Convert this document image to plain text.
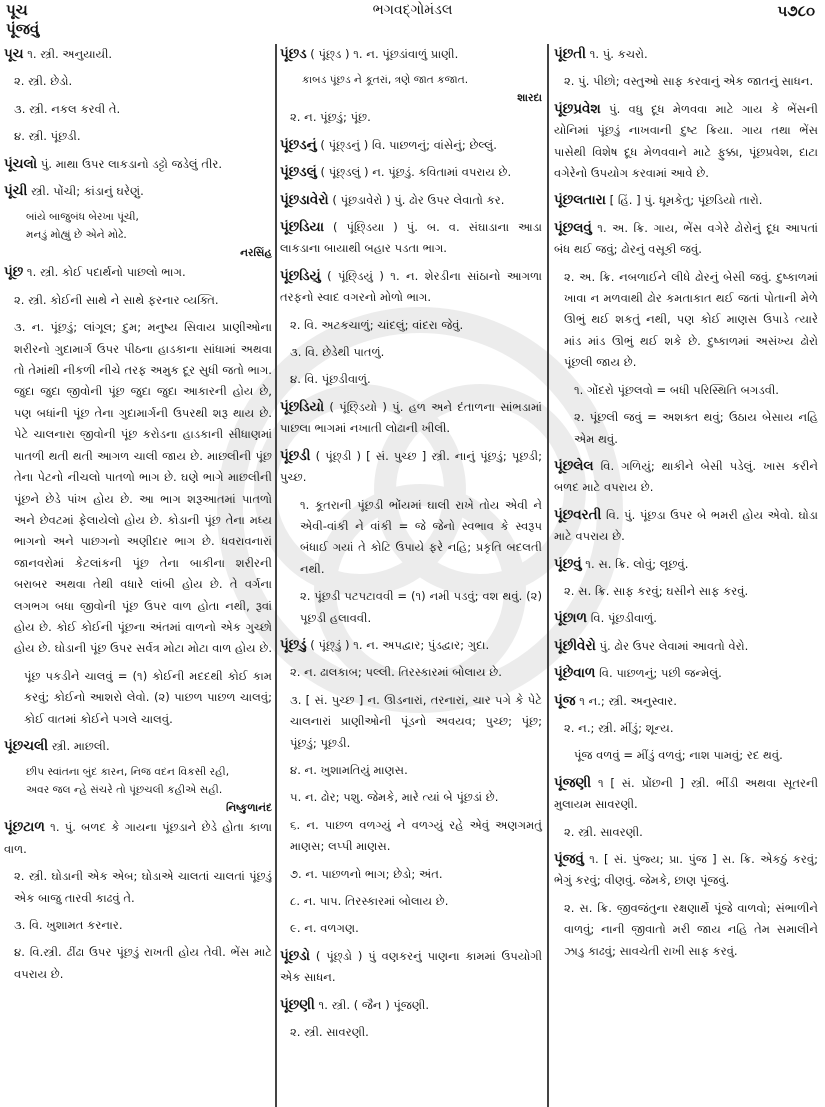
પૂચ
પૂંજવું
ભગવદ્ગોમંડલ	૫૭૮૦
પૂચ ૧. સ્ત્રી. અનુયાયી.
૨. સ્ત્રી. છેડો.
૩. સ્ત્રી. નકલ કરવી તે.
૪. સ્ત્રી. પૂંછડી.
પૂંચલો પું. માથા ઉપર લાકડાનો ડટ્ટો જડેલું તીર.
પૂંચી સ્ત્રી. પોંચી; કાંડાનું ઘરેણું.
બાંયે બાજુબંધ બેરખા પૂંચી,
મનડું મોહ્યું છે એને મોઢે.
નરસિંહ
પૂંછ ૧. સ્ત્રી. કોઈ પદાર્થનો પાછલો ભાગ.
૨. સ્ત્રી. કોઈની સાથે ને સાથે ફરનાર વ્યક્તિ.
૩. ન. પૂંછડું; લાંગૂલ; દુમ; મનુષ્ય સિવાય પ્રાણીઓના શરીરનો ગુદામાર્ગ ઉપર પીઠના હાડકાના સાંધામાં અથવા તો તેમાંથી નીકળી નીચે તરફ અમુક દૂર સુધી જતો ભાગ. જુદા જુદા જીવોની પૂંછ જુદા જુદા આકારની હોય છે, પણ બધાંની પૂંછ તેના ગુદામાર્ગની ઉપરથી શરૂ થાય છે. પેટે ચાલનારા જીવોની પૂંછ કરોડના હાડકાની સીધાણમાં પાતળી થતી થતી આગળ ચાલી જાય છે. માછલીની પૂંછ તેના પેટનો નીચલો પાતળો ભાગ છે. ઘણે ભાગે માછલીની પૂંછને છેડે પાંખ હોય છે. આ ભાગ શરૂઆતમાં પાતળો અને છેવટમાં ફેલાયેલો હોય છે. કોડાની પૂંછ તેના મધ્ય ભાગનો અને પાછગનો અણીદાર ભાગ છે. ધવરાવનારાં જાનવરોમાં કેટલાંકની પૂંછ તેના બાકીના શરીરની બરાબર અથવા તેથી વધારે લાંબી હોય છે. તે વર્ગના લગભગ બધા જીવોની પૂંછ ઉપર વાળ હોતા નથી, રૂવાં હોય છે. કોઈ કોઈની પૂંછના અંતમાં વાળનો એક ગુચ્છો હોય છે. ઘોડાની પૂંછ ઉપર સર્વત્ર મોટા મોટા વાળ હોય છે.
પૂંછ પકડીને ચાલવું = (૧) કોઈની મદદથી કોઈ કામ કરવું; કોઈનો આશરો લેવો. (૨) પાછળ પાછળ ચાલવું; કોઈ વાતમાં કોઈને પગલે ચાલવું.
પૂંછચલી સ્ત્રી. માછલી.
છીપ સ્વાંતના બુંદ કારન, નિજ વદન વિકસી રહી,
અવર જલ ન્હે સંચરે તો પૂંછચલી કહીએ સહી.
નિષ્કુળાનંદ
પૂંછટાળ ૧. પું. બળદ કે ગાયના પૂંછડાને છેડે હોતા કાળા વાળ.
૨. સ્ત્રી. ઘોડાની એક એબ; ઘોડાએ ચાલતાં ચાલતાં પૂંછડું એક બાજુ તારવી કાઢવું તે.
૩. વિ. ખુશામત કરનાર.
૪. વિ.સ્ત્રી. ઢીંઢા ઉપર પૂંછડું રાખતી હોય તેવી. ભેંસ માટે વપરાય છે.
પૂંછડ ( પૂંછ્ડ ) ૧. ન. પૂંછડાંવાળું પ્રાણી.
કાબડ પૂંછડ ને કૂતરાં, ત્રણે જાત કજાત.
શારદા
૨. ન. પૂંછડું; પૂંછ.
પૂંછડનું ( પૂંછ્ડનું ) વિ. પાછળનું; વાંસેનું; છેલ્લું.
પૂંછડલું ( પૂંછ્ડલું ) ન. પૂંછડું. કવિતામાં વપરાય છે.
પૂંછડાવેરો ( પૂંછડાવેરો ) પું. ઢોર ઉપર લેવાતો કર.
પૂંછડિયા ( પૂંછ્ડિયા ) પું. બ. વ. સંઘાડાના આડા લાકડાના બાયાથી બહાર પડતા ભાગ.
પૂંછડિયું ( પૂંછ્ડિયું ) ૧. ન. શેરડીના સાંઠાનો આગળા તરફનો સ્વાદ વગરનો મોળો ભાગ.
૨. વિ. અટકચાળું; ચાંદલું; વાંદરા જેવું.
૩. વિ. છેડેથી પાતળું.
૪. વિ. પૂંછડીવાળું.
પૂંછડિયો ( પૂંછ્ડિયો ) પું. હળ અને દંતાળના સાંભડામાં પાછલા ભાગમાં નખાતી લોઢાની ખીલી.
પૂંછડી ( પૂંછ્ડી ) [ સં. પુચ્છ ] સ્ત્રી. નાનું પૂંછડું; પૂછડી; પુચ્છ.
૧. કૂતરાની પૂંછડી ભોંયમાં ઘાલી રાખે તોય એવી ને એવી-વાંકી ને વાંકી = જે જેનો સ્વભાવ કે સ્વરૂપ બંધાઈ ગયાં તે કોટિ ઉપાયે ફરે નહિ; પ્રકૃતિ બદલતી નથી.
૨. પૂંછડી પટપટાવવી = (૧) નમી પડવું; વશ થવું. (૨) પૂછડી હલાવવી.
પૂંછડું ( પૂંછ્ડું ) ૧. ન. અપદ્વાર; પુંડદ્વાર; ગુદા.
૨. ન. ઢાલકાબ; પલ્લી. તિરસ્કારમાં બોલાય છે.
૩. [ સં. પુચ્છ ] ન. ઊડનારાં, તરનારાં, ચાર પગે કે પેટે ચાલનારાં પ્રાણીઓની પૂંડનો અવયવ; પુચ્છ; પૂંછ; પૂંછડું; પૂછડી.
૪. ન. ખુશામતિયું માણસ.
૫. ન. ઢોર; પશુ. જેમકે, મારે ત્યાં બે પૂંછડાં છે.
૬. ન. પાછળ વળગ્યું ને વળગ્યું રહે એવું અણગમતું માણસ; લપ્પી માણસ.
૭. ન. પાછળનો ભાગ; છેડો; અંત.
૮. ન. પાપ. તિરસ્કારમાં બોલાય છે.
૯. ન. વળગણ.
પૂંછડો ( પૂંછ્ડો ) પું વણકરનું પાણના કામમાં ઉપયોગી એક સાધન.
પૂંછણી ૧. સ્ત્રી. ( જૈન ) પૂંજણી.
૨. સ્ત્રી. સાવરણી.
પૂંછતી ૧. પું. કચરો.
૨. પું. પીછો; વસ્તુઓ સાફ કરવાનું એક જાતનું સાધન.
પૂંછપ્રવેશ પું. વધુ દૂધ મેળવવા માટે ગાય કે ભેંસની યોનિમાં પૂંછડું નાખવાની દુષ્ટ ક્રિયા. ગાય તથા ભેંસ પાસેથી વિશેષ દૂધ મેળવવાને માટે ફુક્કા, પૂંછપ્રવેશ, દાટા વગેરેનો ઉપયોગ કરવામાં આવે છે.
પૂંછલતારા [ હિં. ] પું. ધૂમકેતુ; પૂંછડિયો તારો.
પૂંછલવું ૧. અ. ક્રિ. ગાય, ભેંસ વગેરે ઢોરોનું દૂધ આપતાં બંધ થઈ જવું; ઢોરનું વસૂકી જવું.
૨. અ. ક્રિ. નબળાઈને લીધે ઢોરનું બેસી જવું. દુષ્કાળમાં ખાવા ન મળવાથી ઢોર કમતાકાત થઈ જતાં પોતાની મેળે ઊભું થઈ શકતું નથી, પણ કોઈ માણસ ઉપાડે ત્યારે માંડ માંડ ઊભું થઈ શકે છે. દુષ્કાળમાં અસંખ્ય ઢોરો પૂંછલી જાય છે.
૧. ગોંદરો પૂંછલવો = બધી પરિસ્થિતિ બગડવી.
૨. પૂંછલી જવું = અશક્ત થવું; ઉઠાય બેસાય નહિ એમ થવું.
પૂંછલેલ વિ. ગળિયું; થાકીને બેસી પડેલું. ખાસ કરીને બળદ માટે વપરાય છે.
પૂંછવરતી વિ. પું. પૂંછડા ઉપર બે ભમરી હોય એવો. ઘોડા માટે વપરાય છે.
પૂંછવું ૧. સ. ક્રિ. લોવું; લૂછવું.
૨. સ. ક્રિ. સાફ કરવું; ઘસીને સાફ કરવું.
પૂંછાળ વિ. પૂંછડીવાળું.
પૂંછીવેરો પું. ઢોર ઉપર લેવામાં આવતો વેરો.
પૂંછેવાળ વિ. પાછળનું; પછી જન્મેલું.
પૂંજ ૧ ન.; સ્ત્રી. અનુસ્વાર.
૨. ન.; સ્ત્રી. મીંડું; શૂન્ય.
પૂંજ વળવું = મીંડું વળવું; નાશ પામવું; રદ થવું.
પૂંજણી ૧ [ સં. પ્રોંછની ] સ્ત્રી. ભીંડી અથવા સૂતરની મુલાયમ સાવરણી.
૨. સ્ત્રી. સાવરણી.
પૂંજવું ૧. [ સં. પુંજ્ય; પ્રા. પુંજ ] સ. ક્રિ. એકઠું કરવું; ભેગું કરવું; વીણવું. જેમકે, છાણ પૂંજવું.
૨. સ. ક્રિ. જીવજંતુના રક્ષણાર્થે પૂંજે વાળવો; સંભાળીને વાળવું; નાની જીવાતો મરી જાય નહિ તેમ સમાલીને ઝાડુ કાઢવું; સાવચેતી રાખી સાફ કરવું.
